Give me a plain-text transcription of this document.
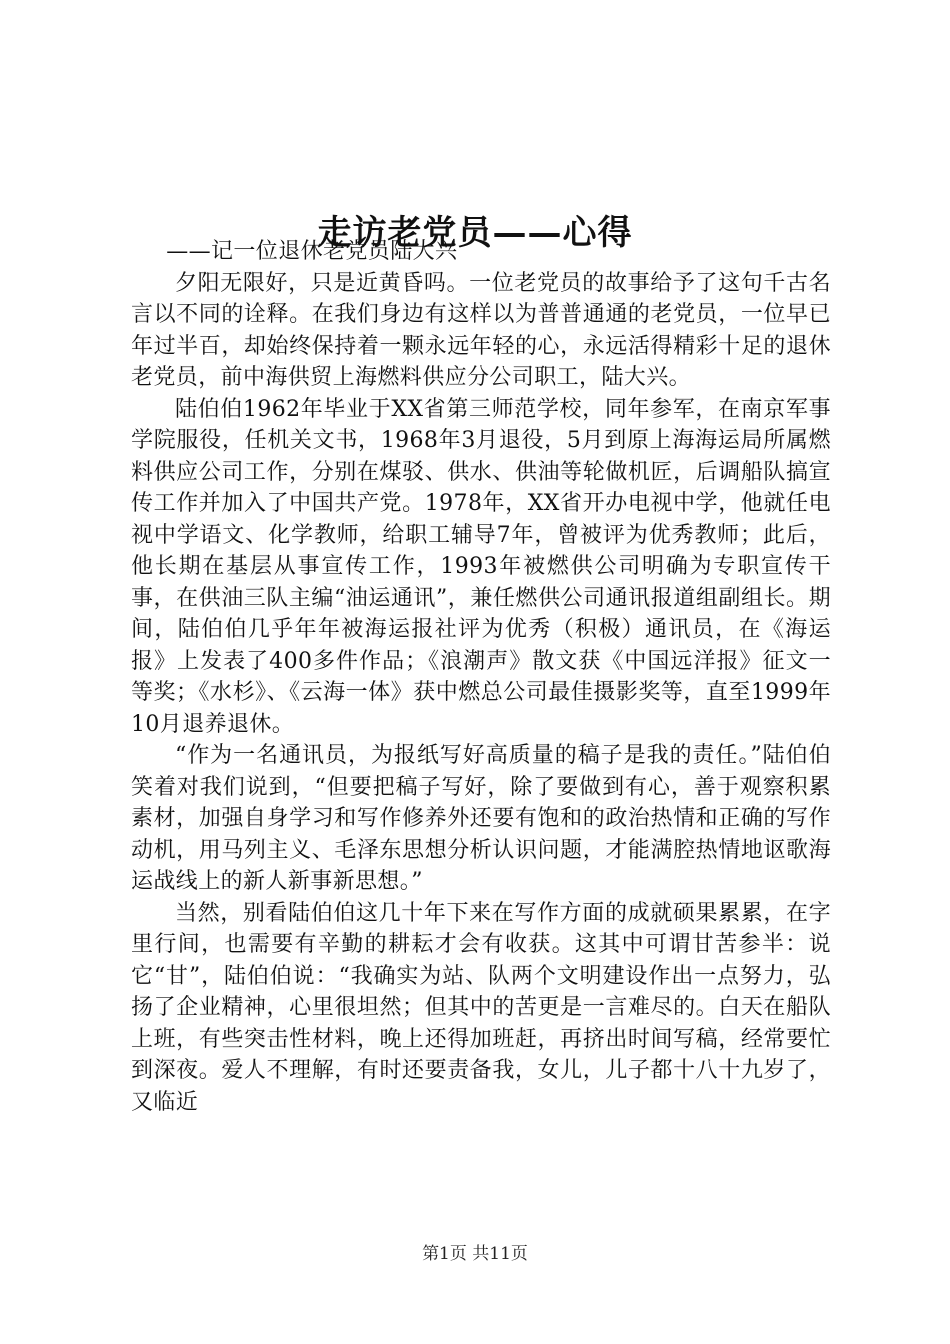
走访老党员——心得

——记一位退休老党员陆大兴

夕阳无限好，只是近黄昏吗。一位老党员的故事给予了这句千古名言以不同的诠释。在我们身边有这样以为普普通通的老党员，一位早已年过半百，却始终保持着一颗永远年轻的心，永远活得精彩十足的退休老党员，前中海供贸上海燃料供应分公司职工，陆大兴。

陆伯伯1962年毕业于XX省第三师范学校，同年参军，在南京军事学院服役，任机关文书，1968年3月退役，5月到原上海海运局所属燃料供应公司工作，分别在煤驳、供水、供油等轮做机匠，后调船队搞宣传工作并加入了中国共产党。1978年，XX省开办电视中学，他就任电视中学语文、化学教师，给职工辅导7年，曾被评为优秀教师；此后，他长期在基层从事宣传工作，1993年被燃供公司明确为专职宣传干事，在供油三队主编“油运通讯”，兼任燃供公司通讯报道组副组长。期间，陆伯伯几乎年年被海运报社评为优秀（积极）通讯员，在《海运报》上发表了400多件作品；《浪潮声》散文获《中国远洋报》征文一等奖；《水杉》、《云海一体》获中燃总公司最佳摄影奖等，直至1999年10月退养退休。

“作为一名通讯员，为报纸写好高质量的稿子是我的责任。”陆伯伯笑着对我们说到，“但要把稿子写好，除了要做到有心，善于观察积累素材，加强自身学习和写作修养外还要有饱和的政治热情和正确的写作动机，用马列主义、毛泽东思想分析认识问题，才能满腔热情地讴歌海运战线上的新人新事新思想。”

当然，别看陆伯伯这几十年下来在写作方面的成就硕果累累，在字里行间，也需要有辛勤的耕耘才会有收获。这其中可谓甘苦参半：说它“甘”，陆伯伯说：“我确实为站、队两个文明建设作出一点努力，弘扬了企业精神，心里很坦然；但其中的苦更是一言难尽的。白天在船队上班，有些突击性材料，晚上还得加班赶，再挤出时间写稿，经常要忙到深夜。爱人不理解，有时还要责备我，女儿，儿子都十八十九岁了，又临近

第1页 共11页
